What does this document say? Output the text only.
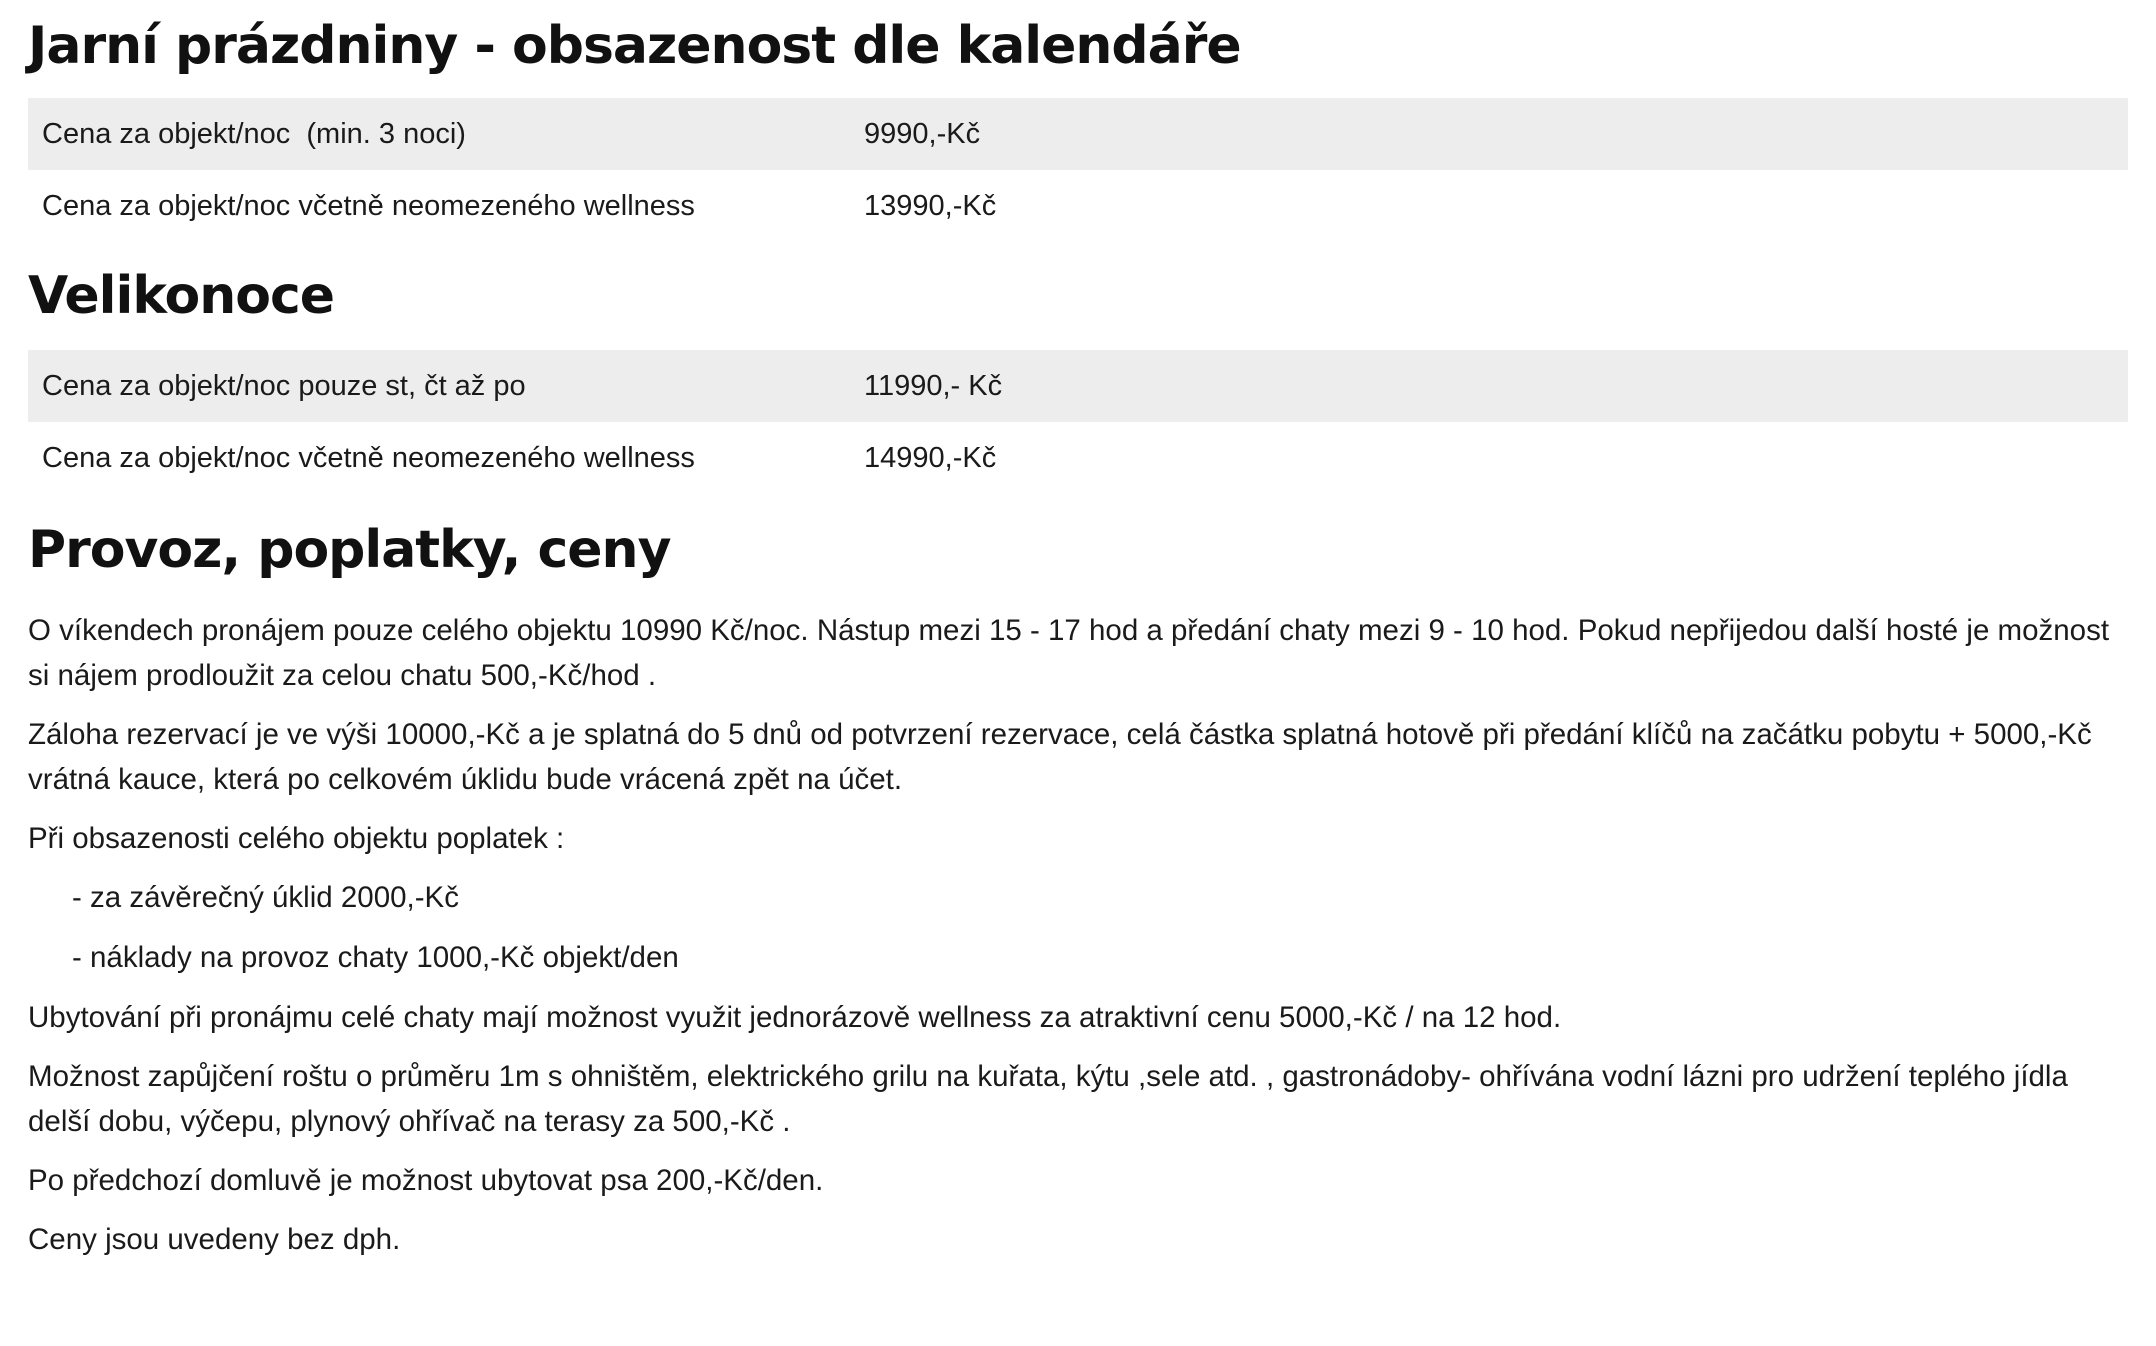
Jarní prázdniny - obsazenost dle kalendáře
Cena za objekt/noc  (min. 3 noci)	9990,-Kč
Cena za objekt/noc včetně neomezeného wellness	13990,-Kč
Velikonoce
Cena za objekt/noc pouze st, čt až po	11990,- Kč
Cena za objekt/noc včetně neomezeného wellness	14990,-Kč
Provoz, poplatky, ceny

O víkendech pronájem pouze celého objektu 10990 Kč/noc. Nástup mezi 15 - 17 hod a předání chaty mezi 9 - 10 hod. Pokud nepřijedou další hosté je možnost si nájem prodloužit za celou chatu 500,-Kč/hod .

Záloha rezervací je ve výši 10000,-Kč a je splatná do 5 dnů od potvrzení rezervace, celá částka splatná hotově při předání klíčů na začátku pobytu + 5000,-Kč vrátná kauce, která po celkovém úklidu bude vrácená zpět na účet.

Při obsazenosti celého objektu poplatek :

- za závěrečný úklid 2000,-Kč

- náklady na provoz chaty 1000,-Kč objekt/den

Ubytování při pronájmu celé chaty mají možnost využit jednorázově wellness za atraktivní cenu 5000,-Kč / na 12 hod.

Možnost zapůjčení roštu o průměru 1m s ohništěm, elektrického grilu na kuřata, kýtu ,sele atd. , gastronádoby- ohřívána vodní lázni pro udržení teplého jídla delší dobu, výčepu, plynový ohřívač na terasy za 500,-Kč .

Po předchozí domluvě je možnost ubytovat psa 200,-Kč/den.

Ceny jsou uvedeny bez dph.
